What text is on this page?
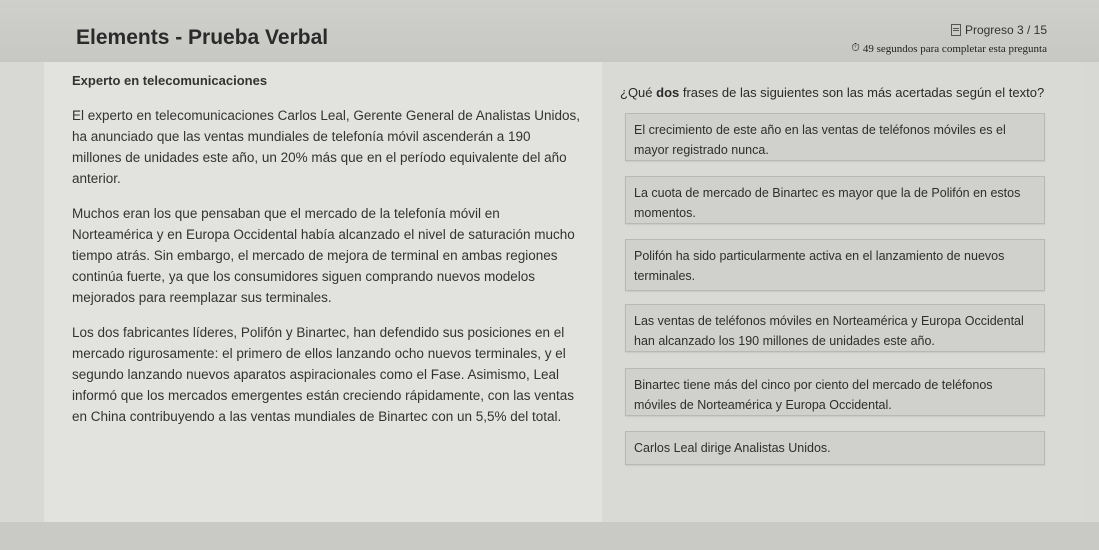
Elements - Prueba Verbal	Progreso 3 / 15
⏱ 49 segundos para completar esta pregunta
Experto en telecomunicaciones

El experto en telecomunicaciones Carlos Leal, Gerente General de Analistas Unidos, ha anunciado que las ventas mundiales de telefonía móvil ascenderán a 190 millones de unidades este año, un 20% más que en el período equivalente del año anterior.

Muchos eran los que pensaban que el mercado de la telefonía móvil en Norteamérica y en Europa Occidental había alcanzado el nivel de saturación mucho tiempo atrás. Sin embargo, el mercado de mejora de terminal en ambas regiones continúa fuerte, ya que los consumidores siguen comprando nuevos modelos mejorados para reemplazar sus terminales.

Los dos fabricantes líderes, Polifón y Binartec, han defendido sus posiciones en el mercado rigurosamente: el primero de ellos lanzando ocho nuevos terminales, y el segundo lanzando nuevos aparatos aspiracionales como el Fase. Asimismo, Leal informó que los mercados emergentes están creciendo rápidamente, con las ventas en China contribuyendo a las ventas mundiales de Binartec con un 5,5% del total.

¿Qué dos frases de las siguientes son las más acertadas según el texto?
El crecimiento de este año en las ventas de teléfonos móviles es el mayor registrado nunca.
La cuota de mercado de Binartec es mayor que la de Polifón en estos momentos.
Polifón ha sido particularmente activa en el lanzamiento de nuevos terminales.
Las ventas de teléfonos móviles en Norteamérica y Europa Occidental han alcanzado los 190 millones de unidades este año.
Binartec tiene más del cinco por ciento del mercado de teléfonos móviles de Norteamérica y Europa Occidental.
Carlos Leal dirige Analistas Unidos.
